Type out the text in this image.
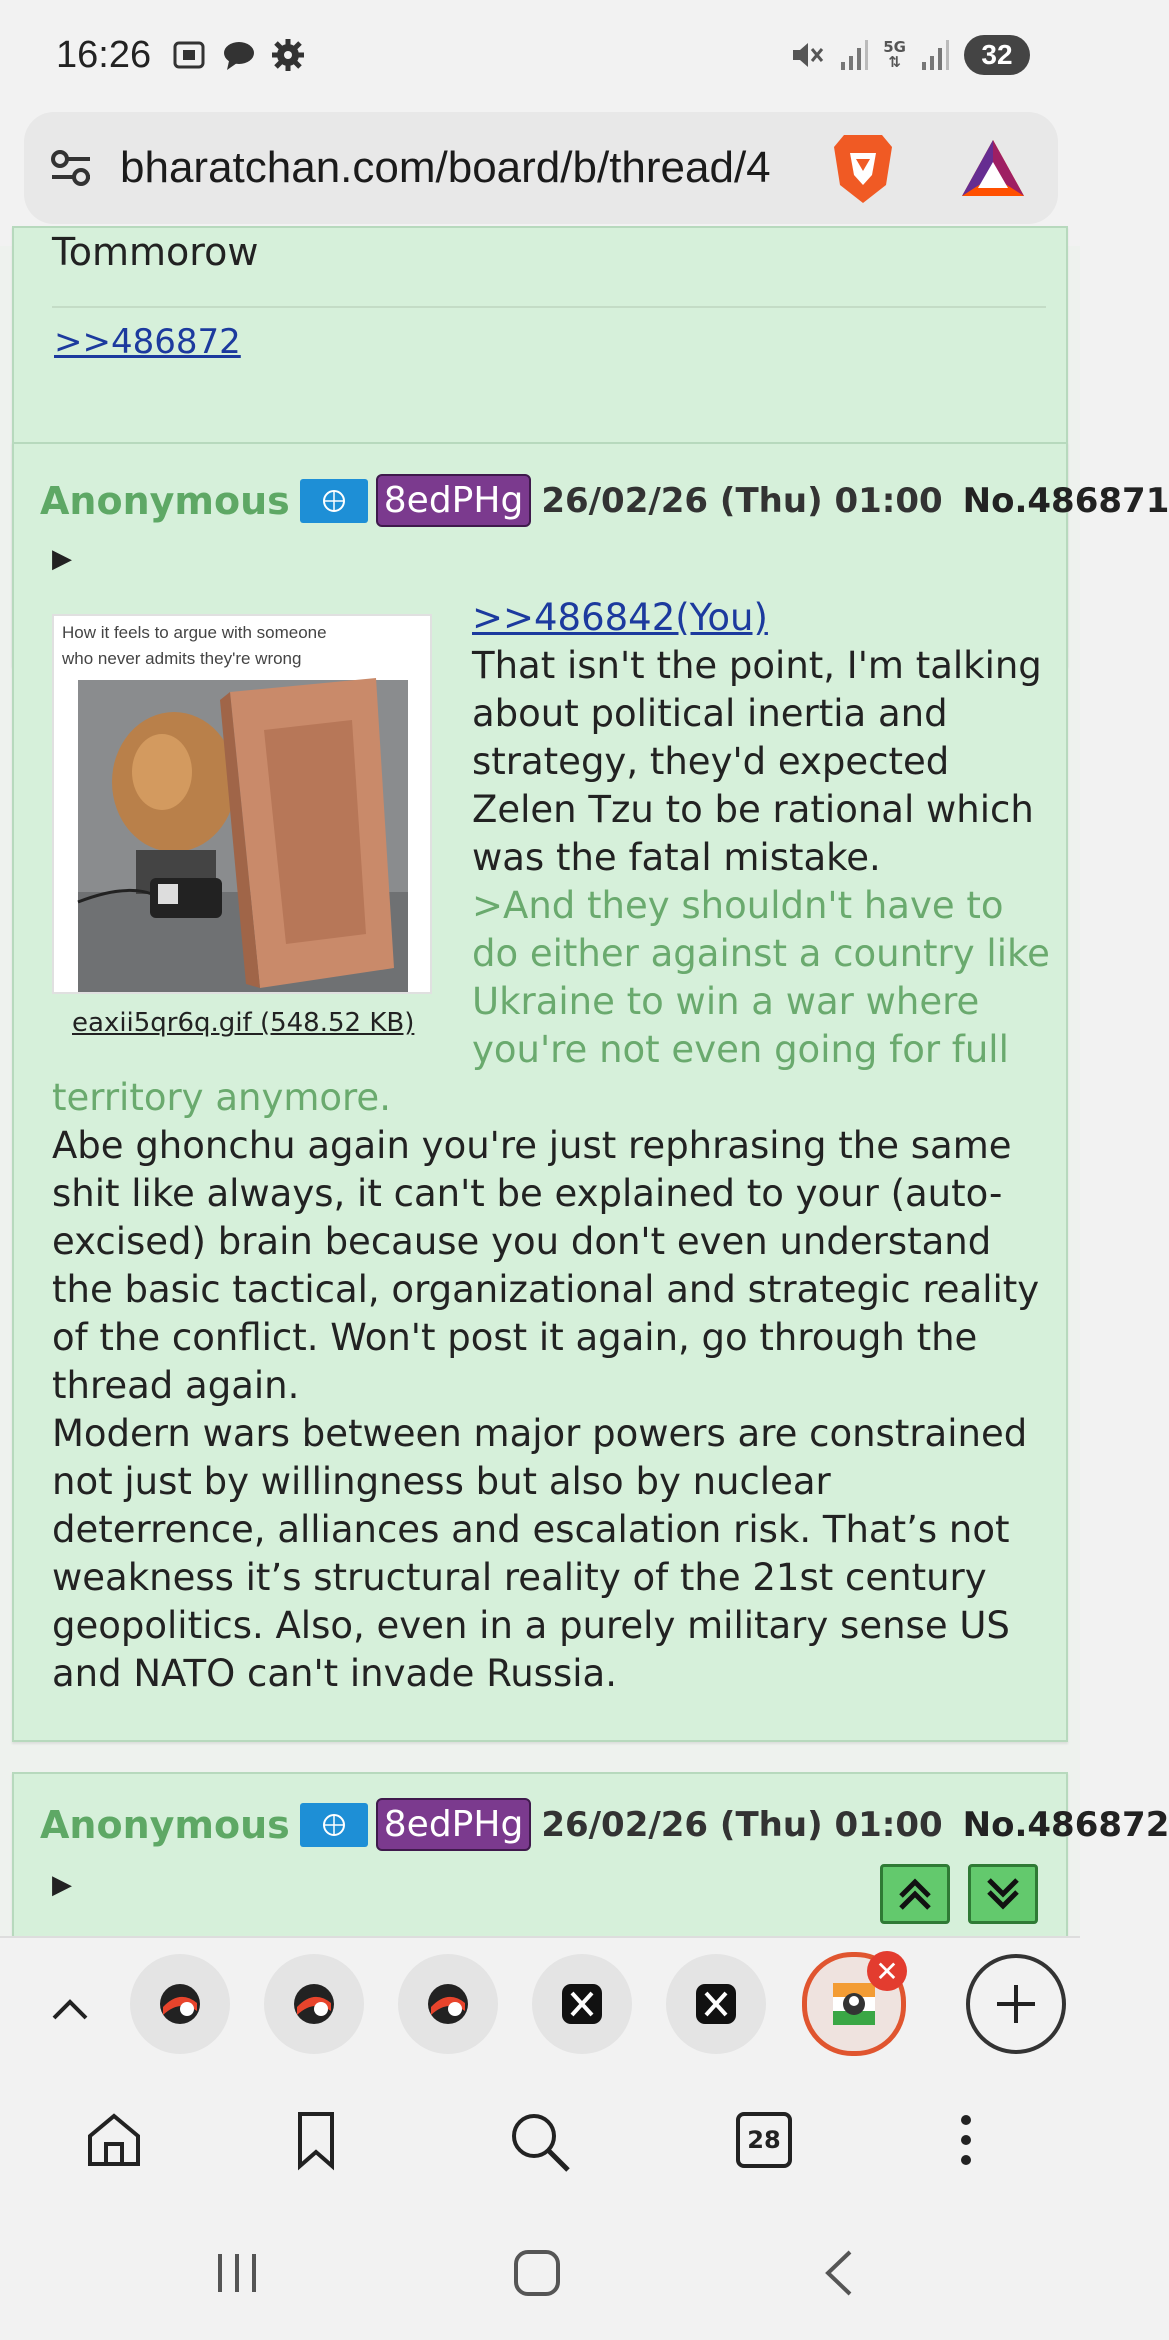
16:26	5G
⇅	32
bharatchan.com/board/b/thread/4
Tommorow
>>486872
Anonymous	8edPHg 26/02/26 (Thu) 01:00 No.486871
▶
How it feels to argue with someone
who never admits they're wrong
eaxii5qr6q.gif (548.52 KB)
>>486842(You)
That isn't the point, I'm talking about political inertia and strategy, they'd expected Zelen Tzu to be rational which was the fatal mistake.
>And they shouldn't have to do either against a country like Ukraine to win a war where you're not even going for full territory anymore.
Abe ghonchu again you're just rephrasing the same shit like always, it can't be explained to your (auto-excised) brain because you don't even understand the basic tactical, organizational and strategic reality of the conflict. Won't post it again, go through the thread again.
Modern wars between major powers are constrained not just by willingness but also by nuclear deterrence, alliances and escalation risk. That’s not weakness it’s structural reality of the 21st century geopolitics. Also, even in a purely military sense US and NATO can't invade Russia.
Anonymous	8edPHg 26/02/26 (Thu) 01:00 No.486872
▶
✕
28
